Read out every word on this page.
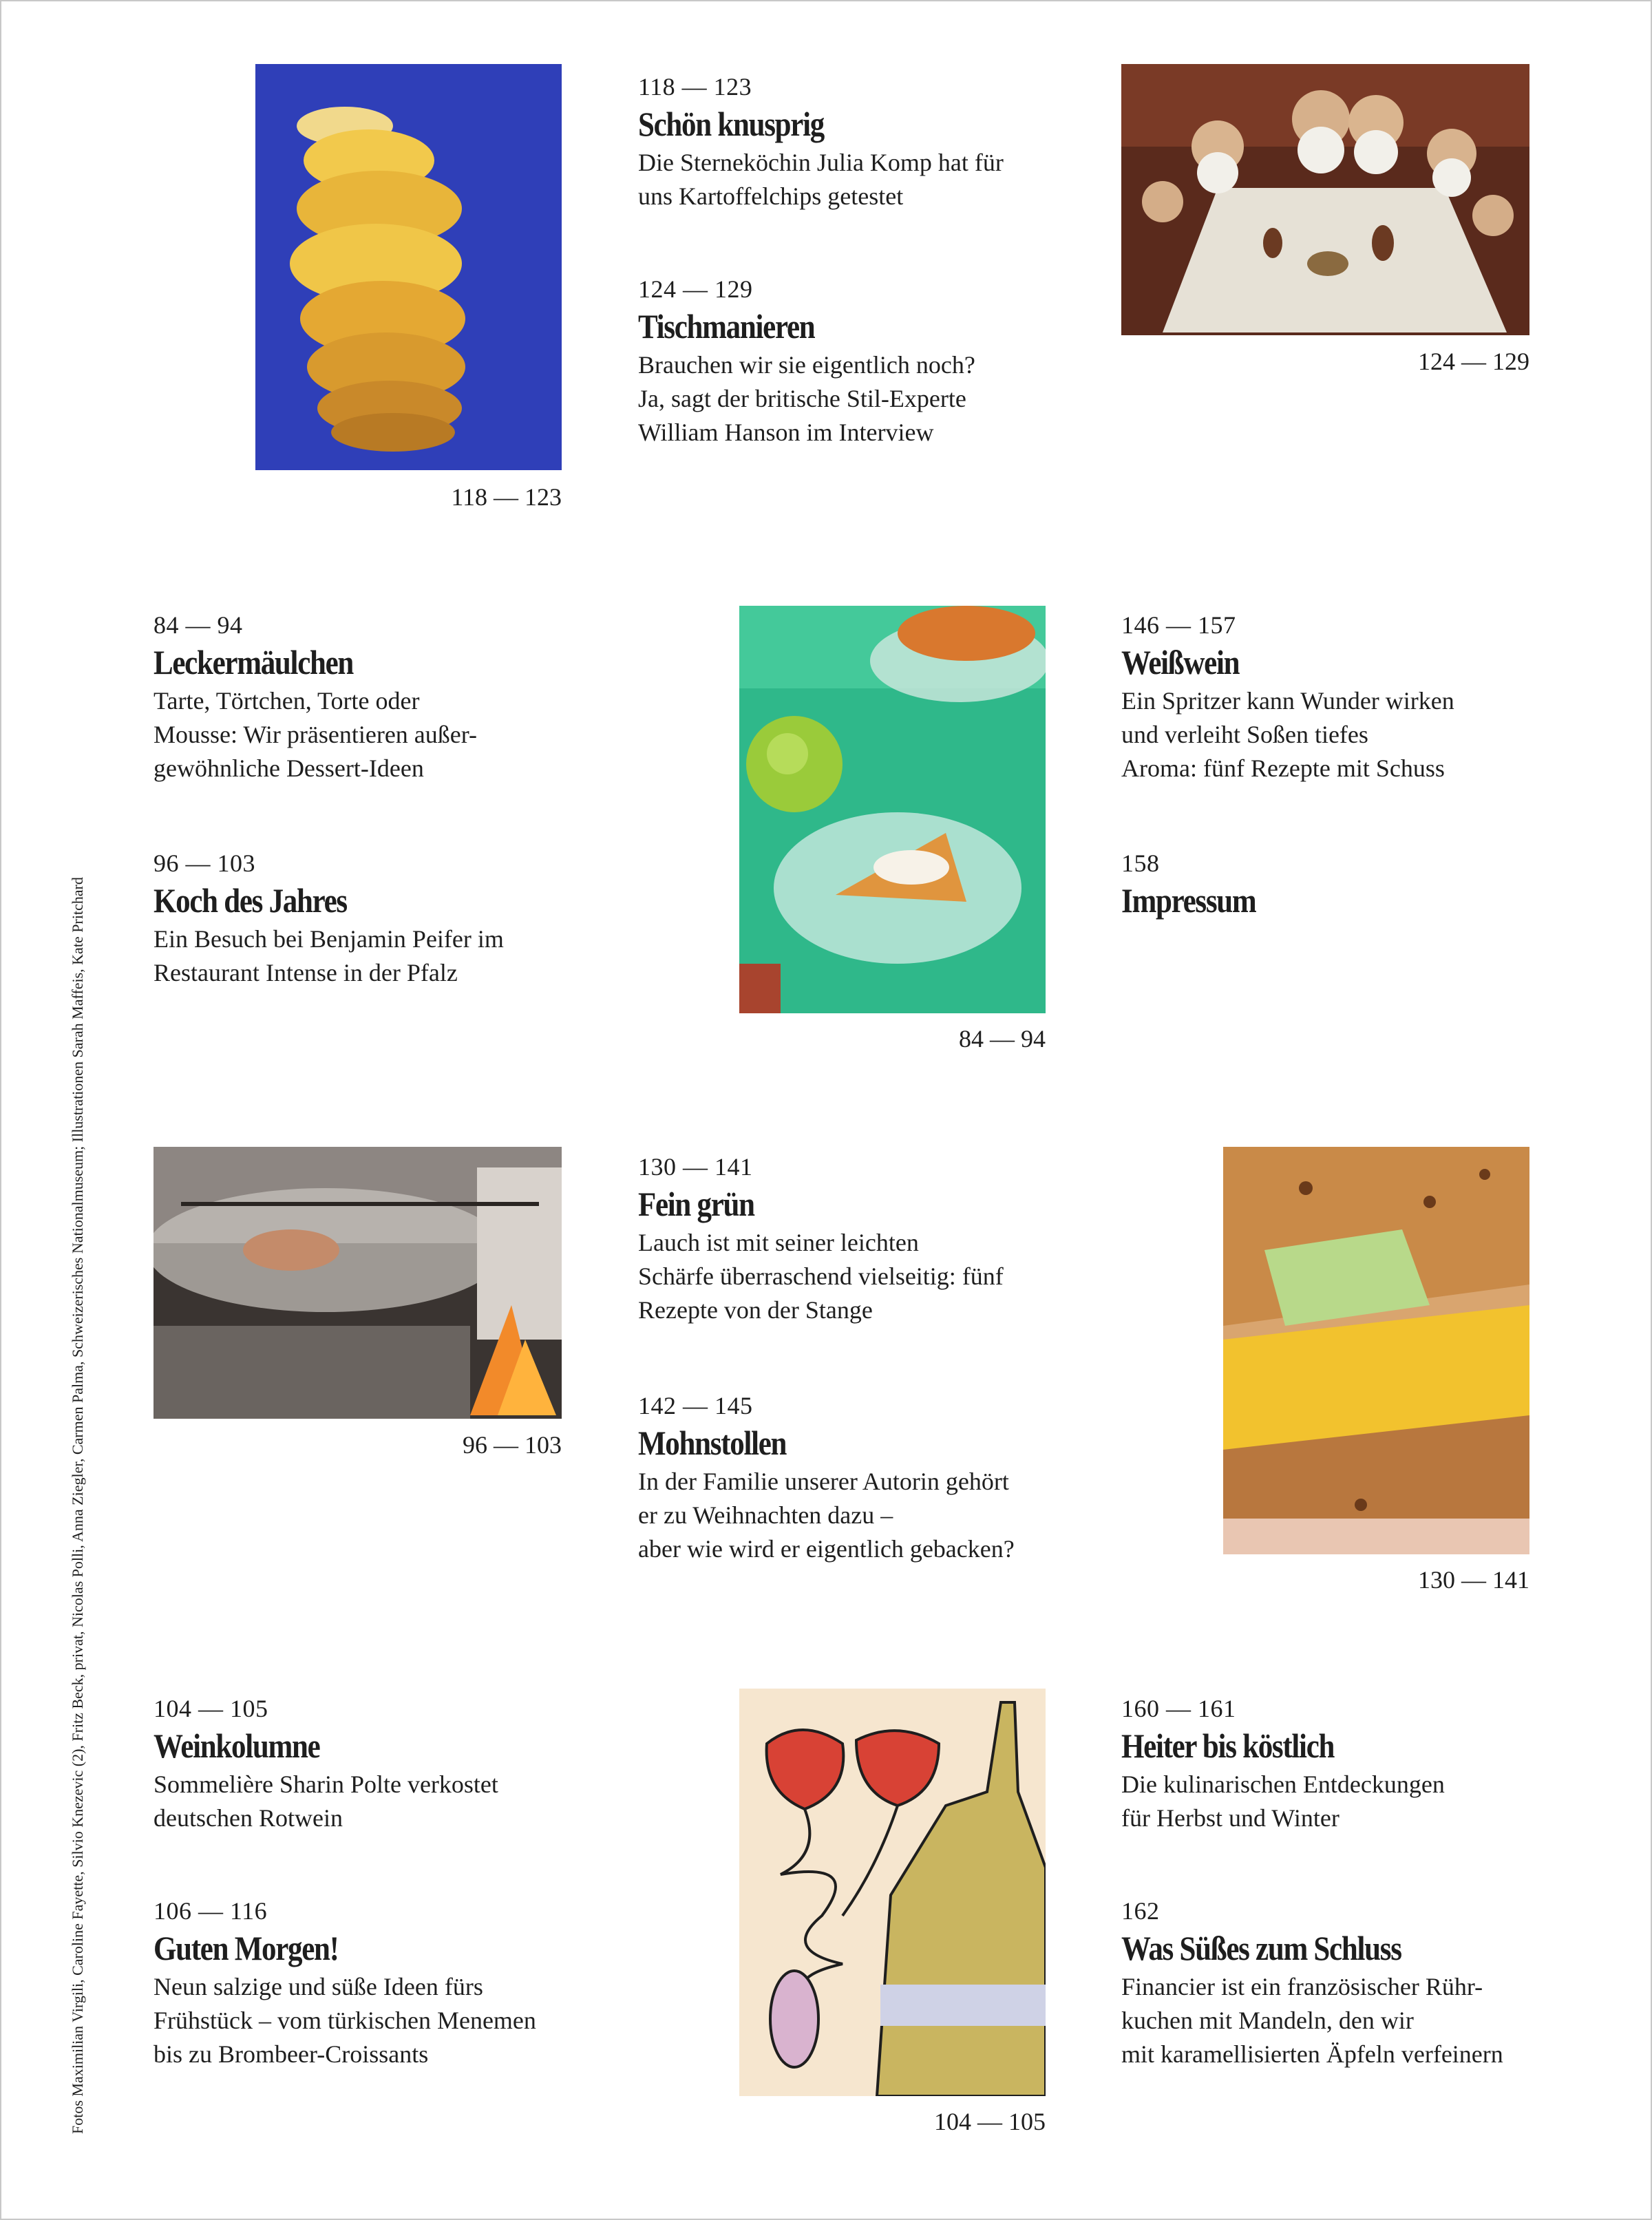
118 — 123
118 — 123
Schön knusprig
Die Sterneköchin Julia Komp hat für
uns Kartoffelchips getestet
124 — 129
Tischmanieren
Brauchen wir sie eigentlich noch?
Ja, sagt der britische Stil-Experte
William Hanson im Interview
124 — 129
84 — 94
Leckermäulchen
Tarte, Törtchen, Torte oder
Mousse: Wir präsentieren außer-
gewöhnliche Dessert-Ideen
96 — 103
Koch des Jahres
Ein Besuch bei Benjamin Peifer im
Restaurant Intense in der Pfalz
84 — 94
146 — 157
Weißwein
Ein Spritzer kann Wunder wirken
und verleiht Soßen tiefes
Aroma: fünf Rezepte mit Schuss
158
Impressum
96 — 103
130 — 141
Fein grün
Lauch ist mit seiner leichten
Schärfe überraschend vielseitig: fünf
Rezepte von der Stange
142 — 145
Mohnstollen
In der Familie unserer Autorin gehört
er zu Weihnachten dazu –
aber wie wird er eigentlich gebacken?
130 — 141
104 — 105
Weinkolumne
Sommelière Sharin Polte verkostet
deutschen Rotwein
106 — 116
Guten Morgen!
Neun salzige und süße Ideen fürs
Frühstück – vom türkischen Menemen
bis zu Brombeer-Croissants
104 — 105
160 — 161
Heiter bis köstlich
Die kulinarischen Entdeckungen
für Herbst und Winter
162
Was Süßes zum Schluss
Financier ist ein französischer Rühr-
kuchen mit Mandeln, den wir
mit karamellisierten Äpfeln verfeinern
Fotos Maximilian Virgili, Caroline Fayette, Silvio Knezevic (2), Fritz Beck, privat, Nicolas Polli, Anna Ziegler, Carmen Palma, Schweizerisches Nationalmuseum; Illustrationen Sarah Maffeis, Kate Pritchard
